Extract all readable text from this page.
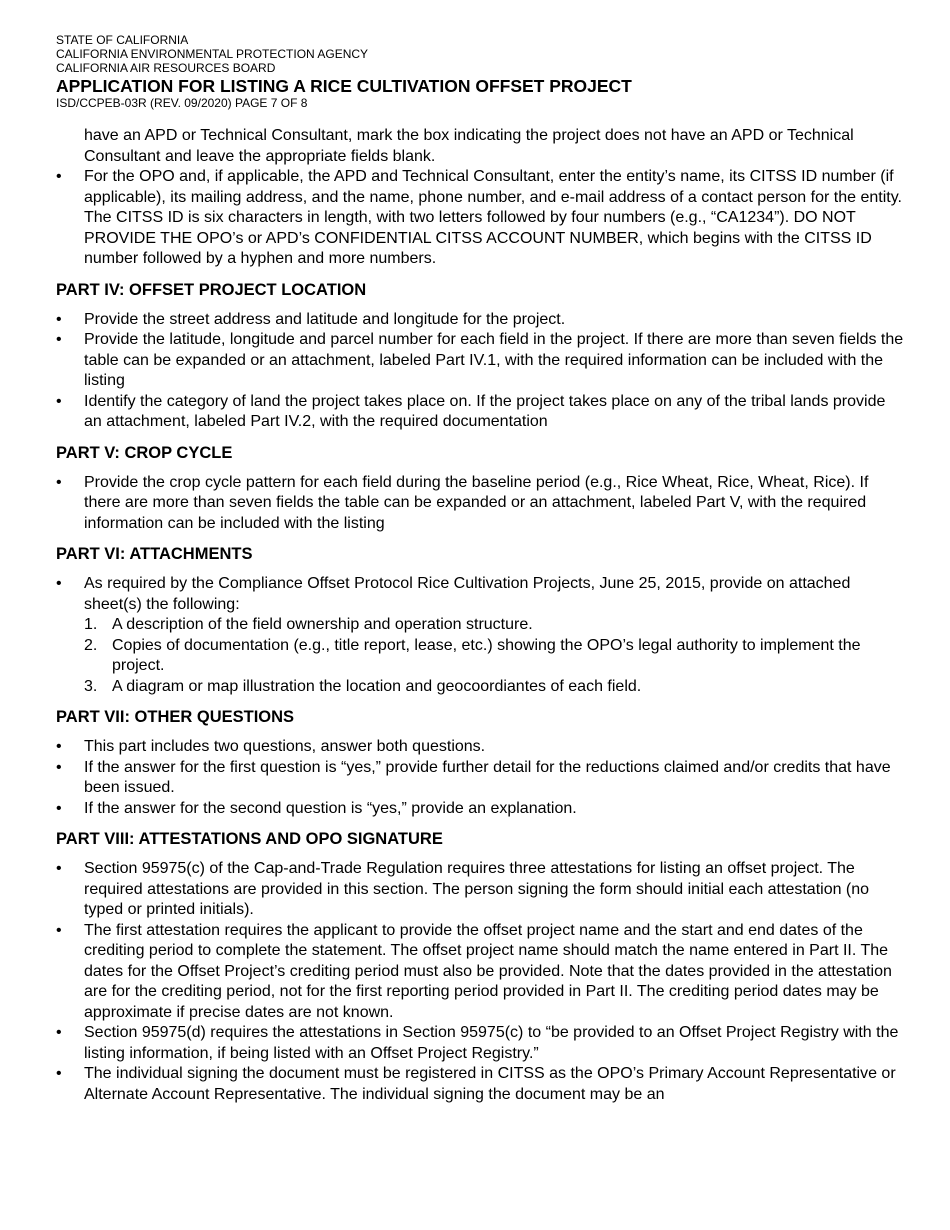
STATE OF CALIFORNIA
CALIFORNIA ENVIRONMENTAL PROTECTION AGENCY
CALIFORNIA AIR RESOURCES BOARD
APPLICATION FOR LISTING A RICE CULTIVATION OFFSET PROJECT
ISD/CCPEB-03R (REV. 09/2020) PAGE 7 OF 8
have an APD or Technical Consultant, mark the box indicating the project does not have an APD or Technical Consultant and leave the appropriate fields blank.
• For the OPO and, if applicable, the APD and Technical Consultant, enter the entity’s name, its CITSS ID number (if applicable), its mailing address, and the name, phone number, and e-mail address of a contact person for the entity. The CITSS ID is six characters in length, with two letters followed by four numbers (e.g., “CA1234”). DO NOT PROVIDE THE OPO’s or APD’s CONFIDENTIAL CITSS ACCOUNT NUMBER, which begins with the CITSS ID number followed by a hyphen and more numbers.
PART IV: OFFSET PROJECT LOCATION
• Provide the street address and latitude and longitude for the project.
• Provide the latitude, longitude and parcel number for each field in the project. If there are more than seven fields the table can be expanded or an attachment, labeled Part IV.1, with the required information can be included with the listing
• Identify the category of land the project takes place on. If the project takes place on any of the tribal lands provide an attachment, labeled Part IV.2, with the required documentation
PART V: CROP CYCLE
• Provide the crop cycle pattern for each field during the baseline period (e.g., Rice Wheat, Rice, Wheat, Rice). If there are more than seven fields the table can be expanded or an attachment, labeled Part V, with the required information can be included with the listing
PART VI: ATTACHMENTS
• As required by the Compliance Offset Protocol Rice Cultivation Projects, June 25, 2015, provide on attached sheet(s) the following:
1. A description of the field ownership and operation structure.
2. Copies of documentation (e.g., title report, lease, etc.) showing the OPO’s legal authority to implement the project.
3. A diagram or map illustration the location and geocoordiantes of each field.
PART VII: OTHER QUESTIONS
• This part includes two questions, answer both questions.
• If the answer for the first question is “yes,” provide further detail for the reductions claimed and/or credits that have been issued.
• If the answer for the second question is “yes,” provide an explanation.
PART VIII: ATTESTATIONS AND OPO SIGNATURE
• Section 95975(c) of the Cap-and-Trade Regulation requires three attestations for listing an offset project. The required attestations are provided in this section. The person signing the form should initial each attestation (no typed or printed initials).
• The first attestation requires the applicant to provide the offset project name and the start and end dates of the crediting period to complete the statement. The offset project name should match the name entered in Part II. The dates for the Offset Project’s crediting period must also be provided. Note that the dates provided in the attestation are for the crediting period, not for the first reporting period provided in Part II. The crediting period dates may be approximate if precise dates are not known.
• Section 95975(d) requires the attestations in Section 95975(c) to “be provided to an Offset Project Registry with the listing information, if being listed with an Offset Project Registry.”
• The individual signing the document must be registered in CITSS as the OPO’s Primary Account Representative or Alternate Account Representative. The individual signing the document may be an
